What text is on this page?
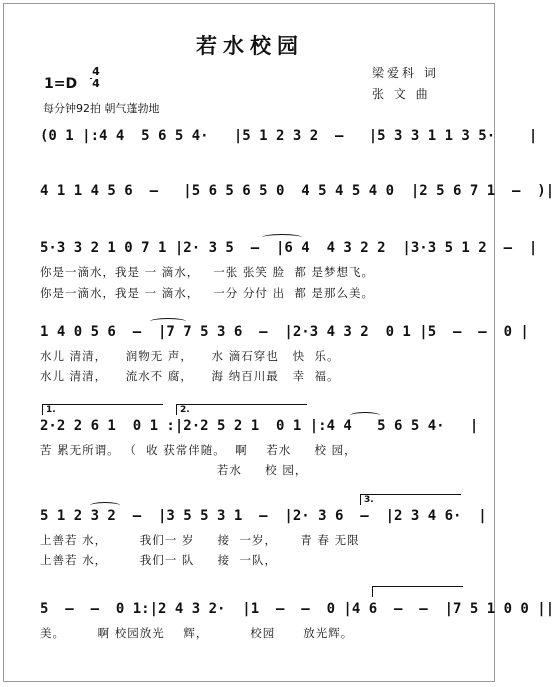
若水校园
1=D
4
4
每分钟92拍 朝气蓬勃地
梁爱科 词
张 文 曲
(0 1 |:4 4  5 6 5 4·   |5 1 2 3 2  –   |5 3 3 1 1 3 5·    |
4 1 1 4 5 6  –   |5 6 5 6 5 0  4 5 4 5 4 0  |2 5 6 7 1  –  )|
5·3 3 2 1 0 7 1 |2· 3 5  –  |6 4  4 3 2 2  |3·3 5 1 2  –  |
你是一滴水，我是 一 滴水，   一张 张笑 脸  都 是梦想飞。
你是一滴水，我是 一 滴水，   一分 分付 出  都 是那么美。
1 4 0 5 6  –  |7 7 5 3 6  –  |2·3 4 3 2  0 1 |5  –  –  0 |
水儿 清清，    润物无 声，    水 滴石穿也   快  乐。
水儿 清清，    流水不 腐，    海 纳百川最   幸  福。
1.	2.
2·2 2 6 1  0 1 :|2·2 5 2 1  0 1 |:4 4   5 6 5 4·   |
苦 累无所谓。 （  收 获常伴随。  啊    若水     校 园，
若水     校 园，
3.
5 1 2 3 2  –  |3 5 5 3 1  –  |2· 3 6  –  |2 3 4 6·  |
上善若 水，       我们一 岁     接  一岁，     青 春 无限
上善若 水，       我们一 队     接  一队，
5  –  –  0 1:|2 4 3 2·  |1  –  –  0 |4 6  –  –  |7 5 1 0 0 ||
美。       啊 校园放光    辉，         校园      放光辉。
